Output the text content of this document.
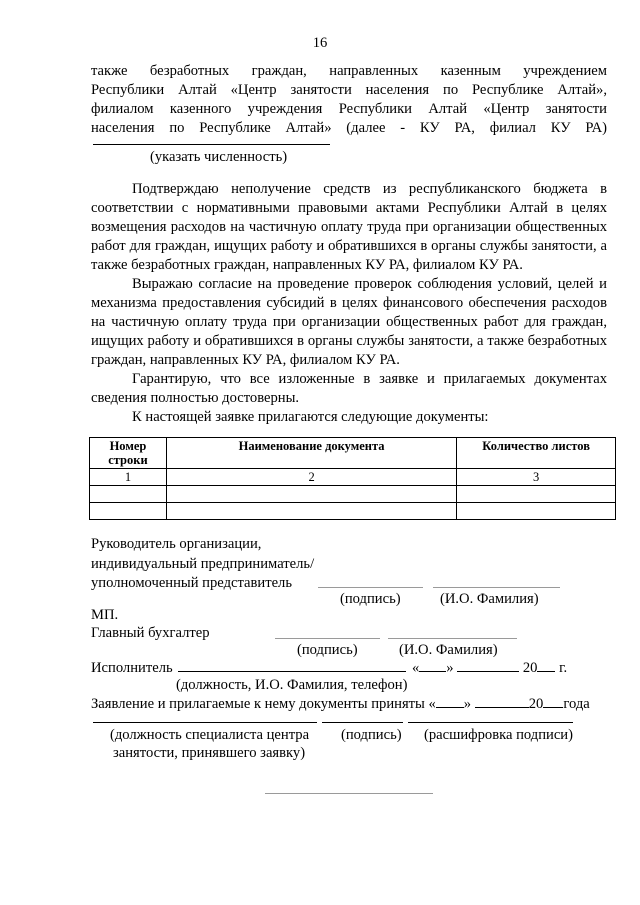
16
также безработных граждан, направленных казенным учреждением
Республики Алтай «Центр занятости населения по Республике Алтай»,
филиалом казенного учреждения Республики Алтай «Центр занятости
населения по Республике Алтай» (далее - КУ РА, филиал КУ РА)
(указать численность)

Подтверждаю неполучение средств из республиканского бюджета в соответствии с нормативными правовыми актами Республики Алтай в целях возмещения расходов на частичную оплату труда при организации общественных работ для граждан, ищущих работу и обратившихся в органы службы занятости, а также безработных граждан, направленных КУ РА, филиалом КУ РА.

Выражаю согласие на проведение проверок соблюдения условий, целей и механизма предоставления субсидий в целях финансового обеспечения расходов на частичную оплату труда при организации общественных работ для граждан, ищущих работу и обратившихся в органы службы занятости, а также безработных граждан, направленных КУ РА, филиалом КУ РА.

Гарантирую, что все изложенные в заявке и прилагаемых документах сведения полностью достоверны.

К настоящей заявке прилагаются следующие документы:

Номер строки	Наименование документа	Количество листов
1	2	3

Руководитель организации,
индивидуальный предприниматель/
уполномоченный представитель
(подпись)	(И.О. Фамилия)
МП.
Главный бухгалтер
(подпись)	(И.О. Фамилия)
Исполнитель	« »	20 г.
(должность, И.О. Фамилия, телефон)
Заявление и прилагаемые к нему документы приняты « »	20 года
(должность специалиста центра (подпись) (расшифровка подписи)
занятости, принявшего заявку)
